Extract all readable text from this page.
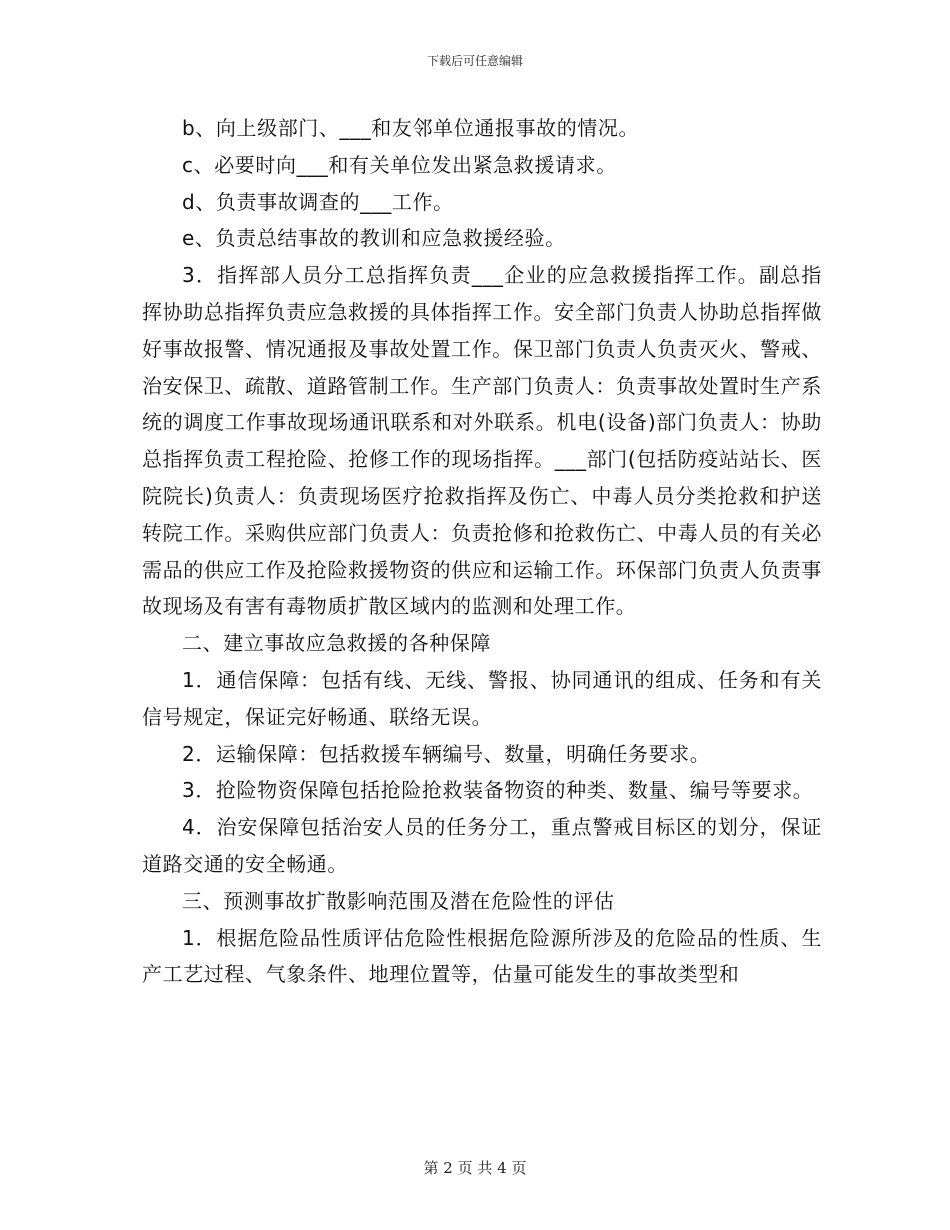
下载后可任意编辑

b、向上级部门、___和友邻单位通报事故的情况。

c、必要时向___和有关单位发出紧急救援请求。

d、负责事故调查的___工作。

e、负责总结事故的教训和应急救援经验。

3．指挥部人员分工总指挥负责___企业的应急救援指挥工作。副总指挥协助总指挥负责应急救援的具体指挥工作。安全部门负责人协助总指挥做好事故报警、情况通报及事故处置工作。保卫部门负责人负责灭火、警戒、治安保卫、疏散、道路管制工作。生产部门负责人：负责事故处置时生产系统的调度工作事故现场通讯联系和对外联系。机电(设备)部门负责人：协助总指挥负责工程抢险、抢修工作的现场指挥。___部门(包括防疫站站长、医院院长)负责人：负责现场医疗抢救指挥及伤亡、中毒人员分类抢救和护送转院工作。采购供应部门负责人：负责抢修和抢救伤亡、中毒人员的有关必需品的供应工作及抢险救援物资的供应和运输工作。环保部门负责人负责事故现场及有害有毒物质扩散区域内的监测和处理工作。

二、建立事故应急救援的各种保障

1．通信保障：包括有线、无线、警报、协同通讯的组成、任务和有关信号规定，保证完好畅通、联络无误。

2．运输保障：包括救援车辆编号、数量，明确任务要求。

3．抢险物资保障包括抢险抢救装备物资的种类、数量、编号等要求。

4．治安保障包括治安人员的任务分工，重点警戒目标区的划分，保证道路交通的安全畅通。

三、预测事故扩散影响范围及潜在危险性的评估

1．根据危险品性质评估危险性根据危险源所涉及的危险品的性质、生产工艺过程、气象条件、地理位置等，估量可能发生的事故类型和

第 2 页 共 4 页
